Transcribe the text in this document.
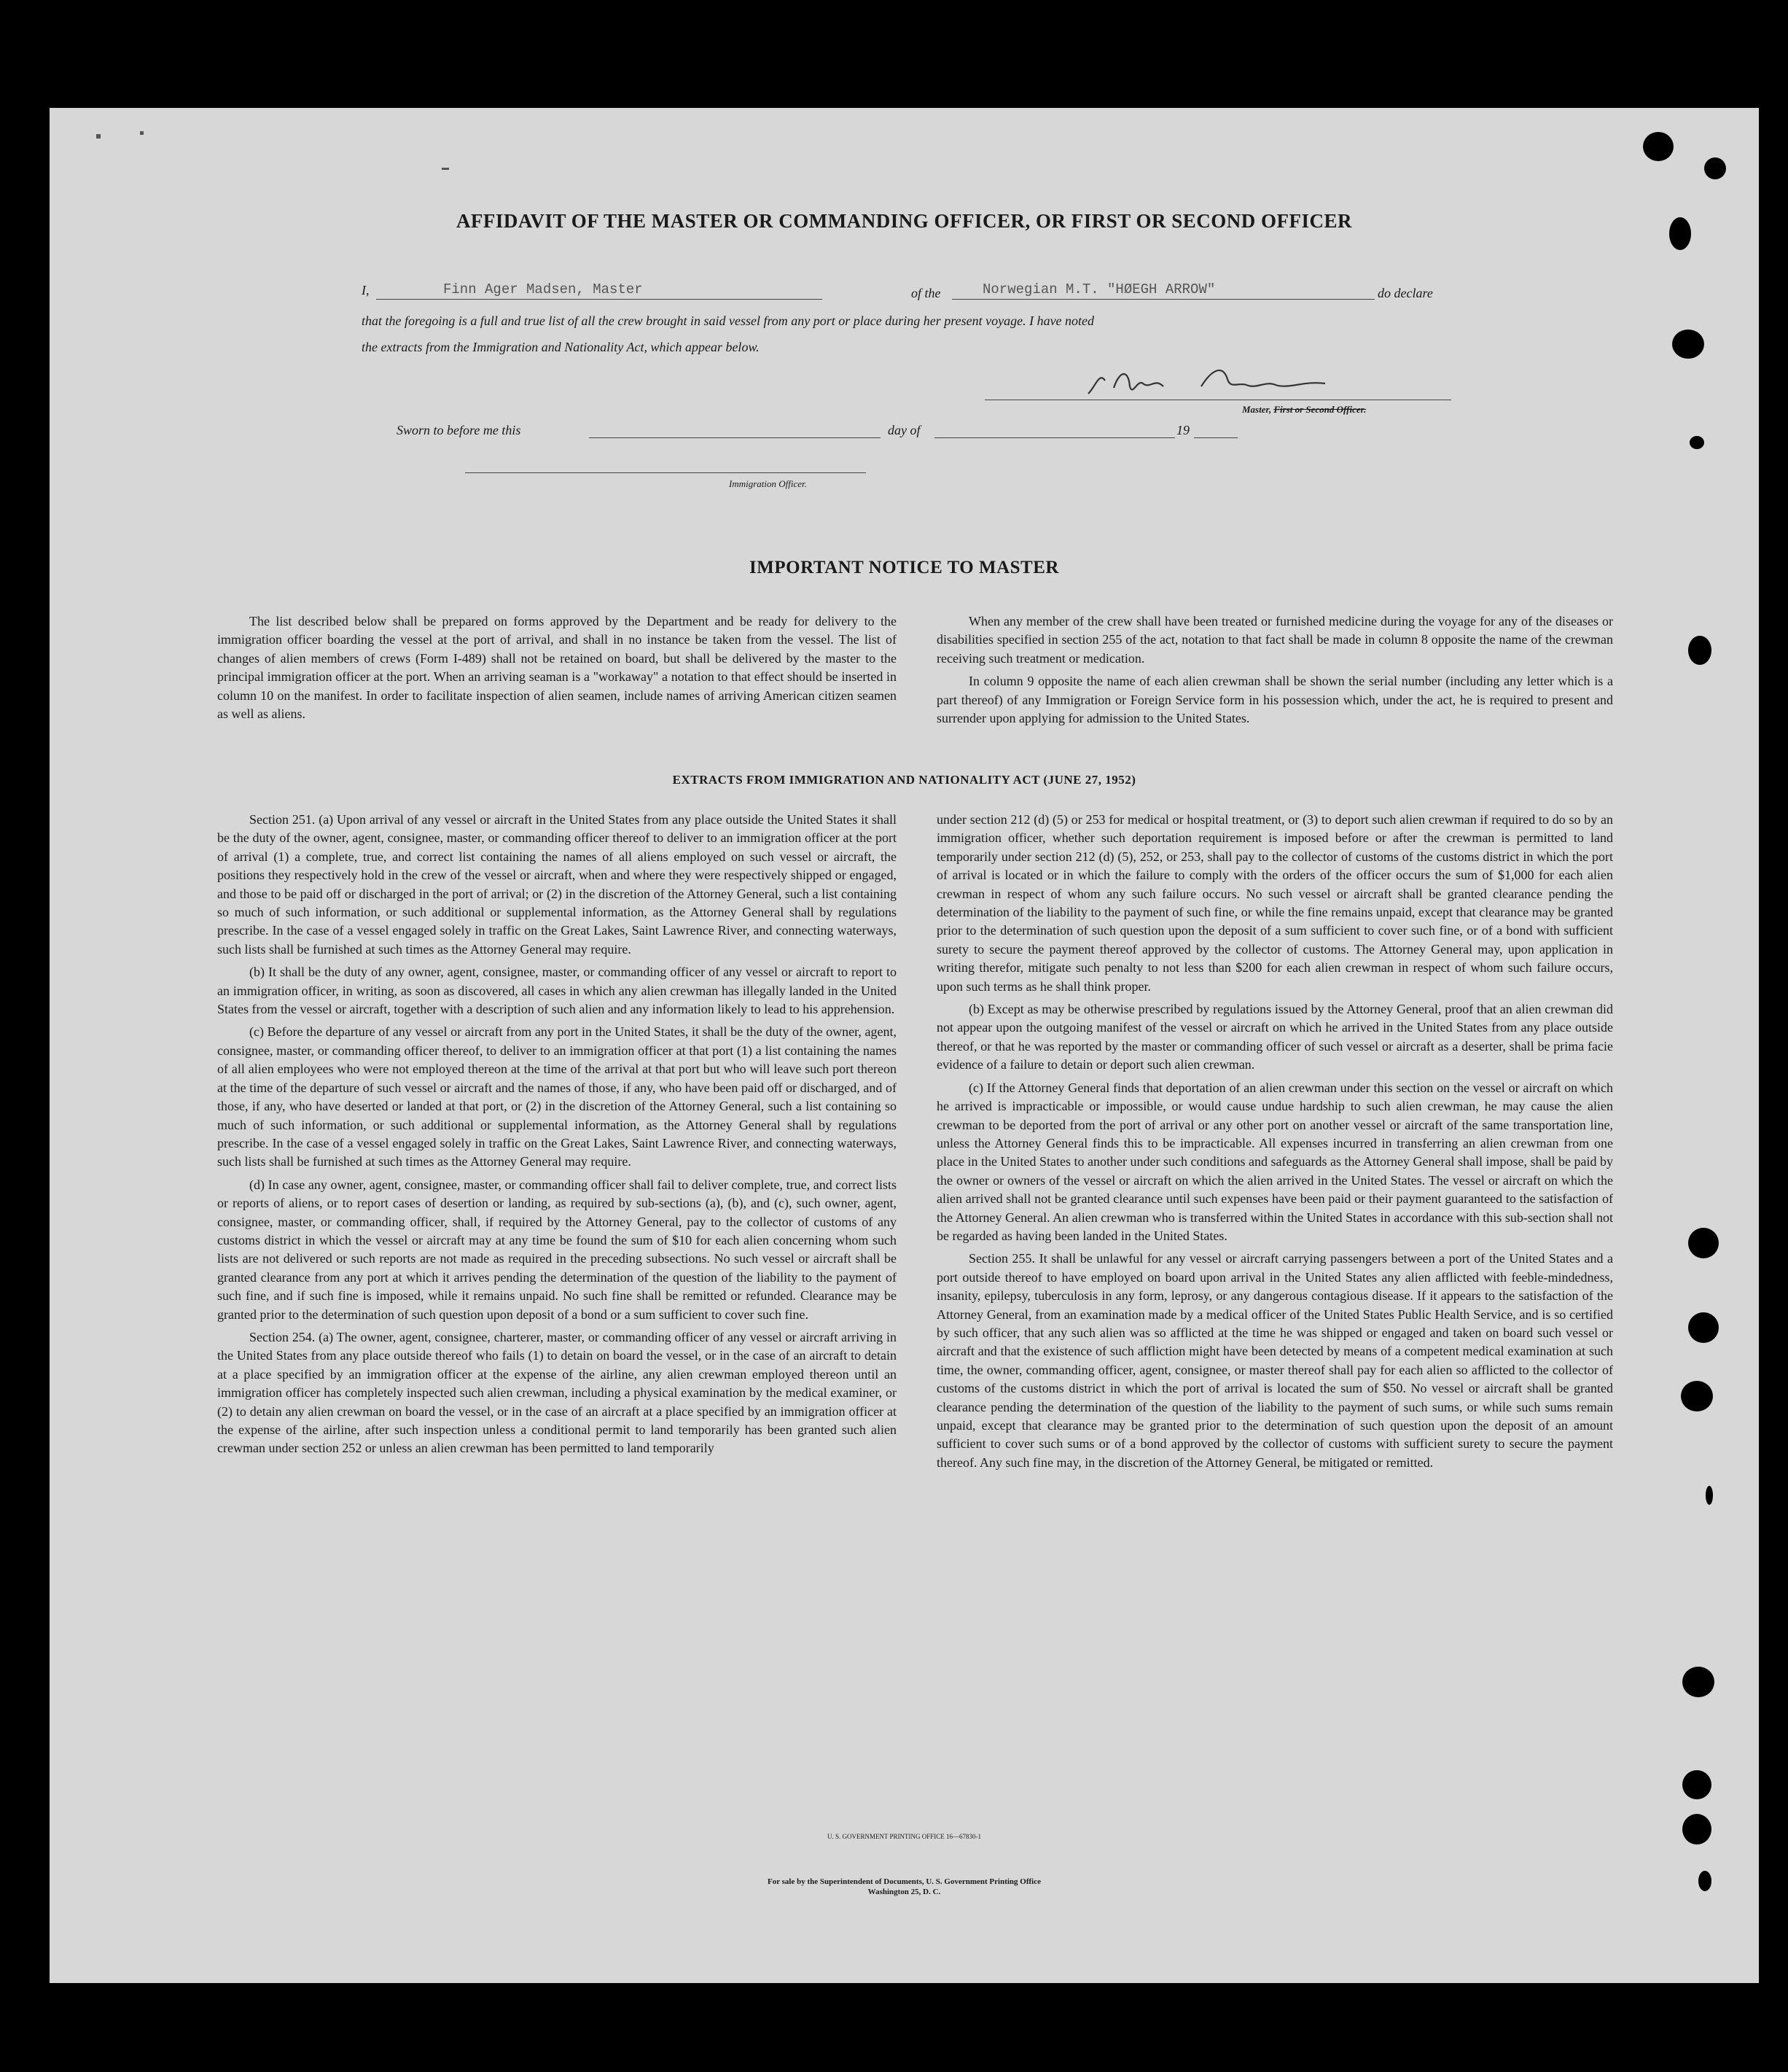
AFFIDAVIT OF THE MASTER OR COMMANDING OFFICER, OR FIRST OR SECOND OFFICER
I,	Finn Ager Madsen, Master	of the	Norwegian M.T. "HØEGH ARROW"	do declare
that the foregoing is a full and true list of all the crew brought in said vessel from any port or place during her present voyage. I have noted
the extracts from the Immigration and Nationality Act, which appear below.
Master, First or Second Officer.
Sworn to before me this	day of	19
Immigration Officer.
IMPORTANT NOTICE TO MASTER

The list described below shall be prepared on forms approved by the Department and be ready for delivery to the immigration officer boarding the vessel at the port of arrival, and shall in no instance be taken from the vessel. The list of changes of alien members of crews (Form I-489) shall not be retained on board, but shall be delivered by the master to the principal immigration officer at the port. When an arriving seaman is a "workaway" a notation to that effect should be inserted in column 10 on the manifest. In order to facilitate inspection of alien seamen, include names of arriving American citizen seamen as well as aliens.

When any member of the crew shall have been treated or furnished medicine during the voyage for any of the diseases or disabilities specified in section 255 of the act, notation to that fact shall be made in column 8 opposite the name of the crewman receiving such treatment or medication.

In column 9 opposite the name of each alien crewman shall be shown the serial number (including any letter which is a part thereof) of any Immigration or Foreign Service form in his possession which, under the act, he is required to present and surrender upon applying for admission to the United States.

EXTRACTS FROM IMMIGRATION AND NATIONALITY ACT (JUNE 27, 1952)

Section 251. (a) Upon arrival of any vessel or aircraft in the United States from any place outside the United States it shall be the duty of the owner, agent, consignee, master, or commanding officer thereof to deliver to an immigration officer at the port of arrival (1) a complete, true, and correct list containing the names of all aliens employed on such vessel or aircraft, the positions they respectively hold in the crew of the vessel or aircraft, when and where they were respectively shipped or engaged, and those to be paid off or discharged in the port of arrival; or (2) in the discretion of the Attorney General, such a list containing so much of such information, or such additional or supplemental information, as the Attorney General shall by regulations prescribe. In the case of a vessel engaged solely in traffic on the Great Lakes, Saint Lawrence River, and connecting waterways, such lists shall be furnished at such times as the Attorney General may require.

(b) It shall be the duty of any owner, agent, consignee, master, or commanding officer of any vessel or aircraft to report to an immigration officer, in writing, as soon as discovered, all cases in which any alien crewman has illegally landed in the United States from the vessel or aircraft, together with a description of such alien and any information likely to lead to his apprehension.

(c) Before the departure of any vessel or aircraft from any port in the United States, it shall be the duty of the owner, agent, consignee, master, or commanding officer thereof, to deliver to an immigration officer at that port (1) a list containing the names of all alien employees who were not employed thereon at the time of the arrival at that port but who will leave such port thereon at the time of the departure of such vessel or aircraft and the names of those, if any, who have been paid off or discharged, and of those, if any, who have deserted or landed at that port, or (2) in the discretion of the Attorney General, such a list containing so much of such information, or such additional or supplemental information, as the Attorney General shall by regulations prescribe. In the case of a vessel engaged solely in traffic on the Great Lakes, Saint Lawrence River, and connecting waterways, such lists shall be furnished at such times as the Attorney General may require.

(d) In case any owner, agent, consignee, master, or commanding officer shall fail to deliver complete, true, and correct lists or reports of aliens, or to report cases of desertion or landing, as required by sub-sections (a), (b), and (c), such owner, agent, consignee, master, or commanding officer, shall, if required by the Attorney General, pay to the collector of customs of any customs district in which the vessel or aircraft may at any time be found the sum of $10 for each alien concerning whom such lists are not delivered or such reports are not made as required in the preceding subsections. No such vessel or aircraft shall be granted clearance from any port at which it arrives pending the determination of the question of the liability to the payment of such fine, and if such fine is imposed, while it remains unpaid. No such fine shall be remitted or refunded. Clearance may be granted prior to the determination of such question upon deposit of a bond or a sum sufficient to cover such fine.

Section 254. (a) The owner, agent, consignee, charterer, master, or commanding officer of any vessel or aircraft arriving in the United States from any place outside thereof who fails (1) to detain on board the vessel, or in the case of an aircraft to detain at a place specified by an immigration officer at the expense of the airline, any alien crewman employed thereon until an immigration officer has completely inspected such alien crewman, including a physical examination by the medical examiner, or (2) to detain any alien crewman on board the vessel, or in the case of an aircraft at a place specified by an immigration officer at the expense of the airline, after such inspection unless a conditional permit to land temporarily has been granted such alien crewman under section 252 or unless an alien crewman has been permitted to land temporarily

under section 212 (d) (5) or 253 for medical or hospital treatment, or (3) to deport such alien crewman if required to do so by an immigration officer, whether such deportation requirement is imposed before or after the crewman is permitted to land temporarily under section 212 (d) (5), 252, or 253, shall pay to the collector of customs of the customs district in which the port of arrival is located or in which the failure to comply with the orders of the officer occurs the sum of $1,000 for each alien crewman in respect of whom any such failure occurs. No such vessel or aircraft shall be granted clearance pending the determination of the liability to the payment of such fine, or while the fine remains unpaid, except that clearance may be granted prior to the determination of such question upon the deposit of a sum sufficient to cover such fine, or of a bond with sufficient surety to secure the payment thereof approved by the collector of customs. The Attorney General may, upon application in writing therefor, mitigate such penalty to not less than $200 for each alien crewman in respect of whom such failure occurs, upon such terms as he shall think proper.

(b) Except as may be otherwise prescribed by regulations issued by the Attorney General, proof that an alien crewman did not appear upon the outgoing manifest of the vessel or aircraft on which he arrived in the United States from any place outside thereof, or that he was reported by the master or commanding officer of such vessel or aircraft as a deserter, shall be prima facie evidence of a failure to detain or deport such alien crewman.

(c) If the Attorney General finds that deportation of an alien crewman under this section on the vessel or aircraft on which he arrived is impracticable or impossible, or would cause undue hardship to such alien crewman, he may cause the alien crewman to be deported from the port of arrival or any other port on another vessel or aircraft of the same transportation line, unless the Attorney General finds this to be impracticable. All expenses incurred in transferring an alien crewman from one place in the United States to another under such conditions and safeguards as the Attorney General shall impose, shall be paid by the owner or owners of the vessel or aircraft on which the alien arrived in the United States. The vessel or aircraft on which the alien arrived shall not be granted clearance until such expenses have been paid or their payment guaranteed to the satisfaction of the Attorney General. An alien crewman who is transferred within the United States in accordance with this sub-section shall not be regarded as having been landed in the United States.

Section 255. It shall be unlawful for any vessel or aircraft carrying passengers between a port of the United States and a port outside thereof to have employed on board upon arrival in the United States any alien afflicted with feeble-mindedness, insanity, epilepsy, tuberculosis in any form, leprosy, or any dangerous contagious disease. If it appears to the satisfaction of the Attorney General, from an examination made by a medical officer of the United States Public Health Service, and is so certified by such officer, that any such alien was so afflicted at the time he was shipped or engaged and taken on board such vessel or aircraft and that the existence of such affliction might have been detected by means of a competent medical examination at such time, the owner, commanding officer, agent, consignee, or master thereof shall pay for each alien so afflicted to the collector of customs of the customs district in which the port of arrival is located the sum of $50. No vessel or aircraft shall be granted clearance pending the determination of the question of the liability to the payment of such sums, or while such sums remain unpaid, except that clearance may be granted prior to the determination of such question upon the deposit of an amount sufficient to cover such sums or of a bond approved by the collector of customs with sufficient surety to secure the payment thereof. Any such fine may, in the discretion of the Attorney General, be mitigated or remitted.

U. S. GOVERNMENT PRINTING OFFICE 16—67830-1
For sale by the Superintendent of Documents, U. S. Government Printing Office
Washington 25, D. C.
